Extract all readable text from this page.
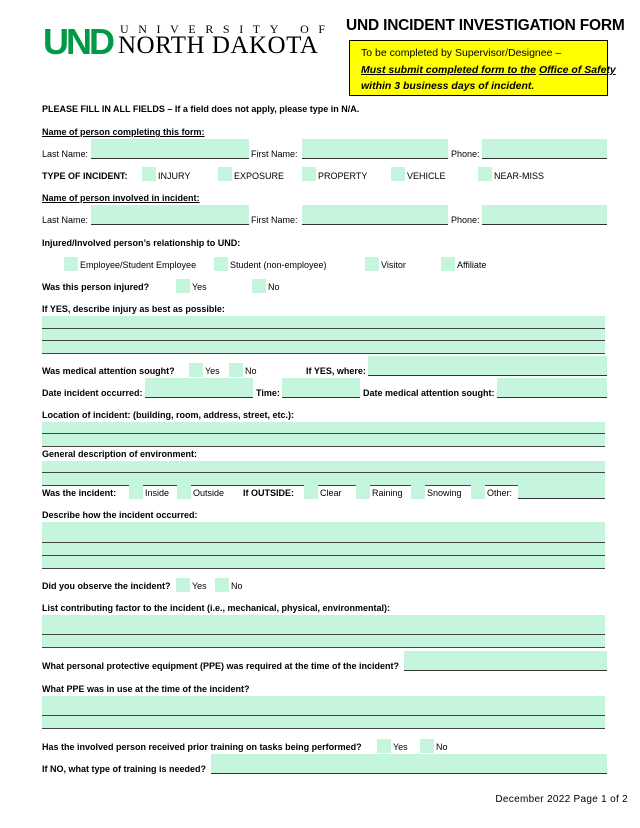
UND UNIVERSITY OF
NORTH DAKOTA
UND INCIDENT INVESTIGATION FORM
To be completed by Supervisor/Designee –
Must submit completed form to the Office of Safety
within 3 business days of incident.
PLEASE FILL IN ALL FIELDS – If a field does not apply, please type in N/A.
Name of person completing this form:
Last Name:	First Name:	Phone:
TYPE OF INCIDENT:	INJURY	EXPOSURE	PROPERTY	VEHICLE	NEAR-MISS
Name of person involved in incident:
Last Name:	First Name:	Phone:
Injured/Involved person’s relationship to UND:
Employee/Student Employee	Student (non-employee)	Visitor	Affiliate
Was this person injured?	Yes	No
If YES, describe injury as best as possible:
Was medical attention sought?	Yes	No	If YES, where:
Date incident occurred:	Time:	Date medical attention sought:
Location of incident: (building, room, address, street, etc.):
General description of environment:
Was the incident:	Inside	Outside If OUTSIDE:	Clear	Raining	Snowing	Other:
Describe how the incident occurred:
Did you observe the incident? Yes	No
List contributing factor to the incident (i.e., mechanical, physical, environmental):
What personal protective equipment (PPE) was required at the time of the incident?
What PPE was in use at the time of the incident?
Has the involved person received prior training on tasks being performed?	Yes	No
If NO, what type of training is needed?
December 2022 Page 1 of 2
